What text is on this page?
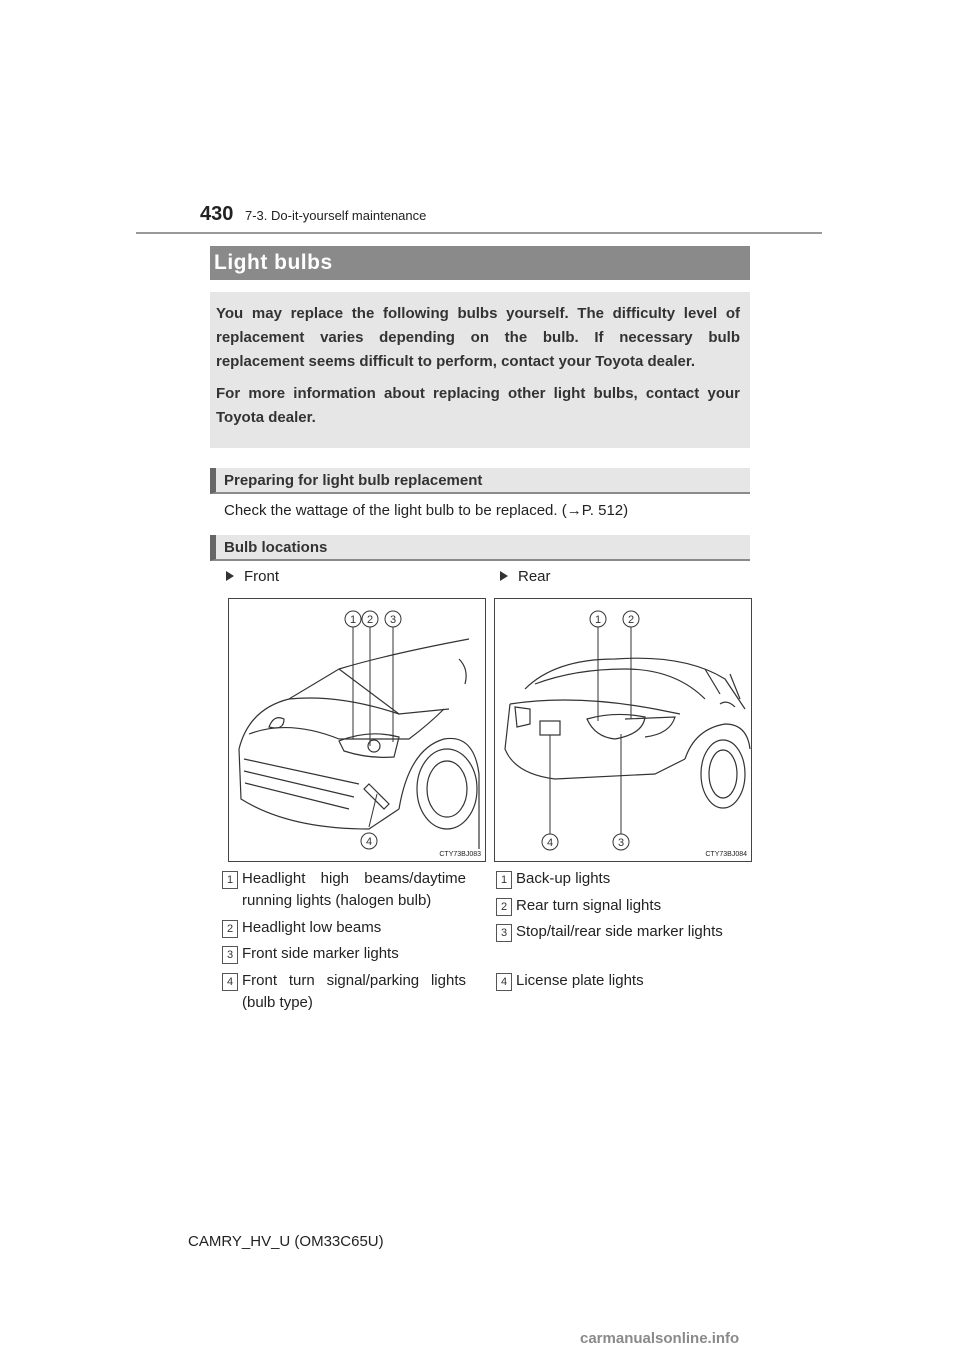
430 7-3. Do-it-yourself maintenance
Light bulbs

You may replace the following bulbs yourself. The difficulty level of replacement varies depending on the bulb. If necessary bulb replacement seems difficult to perform, contact your Toyota dealer.

For more information about replacing other light bulbs, contact your Toyota dealer.

Preparing for light bulb replacement
Check the wattage of the light bulb to be replaced. (→P. 512)
Bulb locations
Front	Rear
1 2 3
4
CTY73BJ083
1 2
4	3
CTY73BJ084
1 Headlight high beams/daytime running lights (halogen bulb)
2 Headlight low beams
3 Front side marker lights
4 Front turn signal/parking lights (bulb type)
1 Back-up lights
2 Rear turn signal lights
3 Stop/tail/rear side marker lights
4 License plate lights
CAMRY_HV_U (OM33C65U)
carmanualsonline.info
